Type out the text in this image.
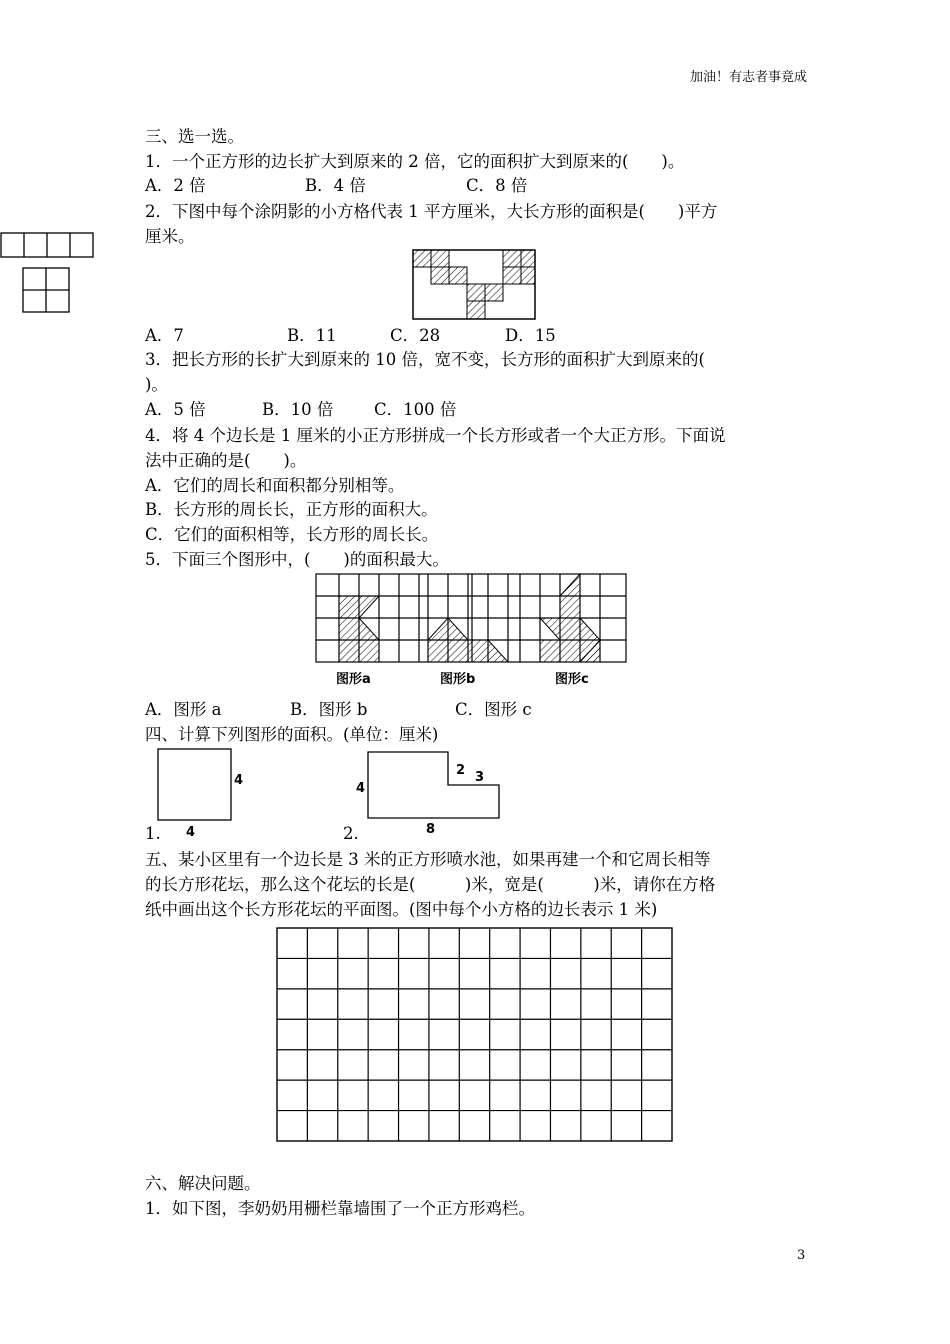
加油！有志者事竟成
3
三、选一选。
1．一个正方形的边长扩大到原来的 2 倍，它的面积扩大到原来的(　　)。
A．2 倍	B．4 倍	C．8 倍
2．下图中每个涂阴影的小方格代表 1 平方厘米，大长方形的面积是(　　)平方
厘米。
A．7	B．11	C．28	D．15
3．把长方形的长扩大到原来的 10 倍，宽不变，长方形的面积扩大到原来的(
)。
A．5 倍	B．10 倍 C．100 倍
4．将 4 个边长是 1 厘米的小正方形拼成一个长方形或者一个大正方形。下面说
法中正确的是(　　)。
A．它们的周长和面积都分别相等。
B．长方形的周长长，正方形的面积大。
C．它们的面积相等，长方形的周长长。
5．下面三个图形中，(　　)的面积最大。
图形a	图形b	图形c
A．图形 a	B．图形 b	C．图形 c
四、计算下列图形的面积。(单位：厘米)
4
1. 4
4
2 3
2.	8
五、某小区里有一个边长是 3 米的正方形喷水池，如果再建一个和它周长相等
的长方形花坛，那么这个花坛的长是(　　　)米，宽是(　　　)米，请你在方格
纸中画出这个长方形花坛的平面图。(图中每个小方格的边长表示 1 米)
六、解决问题。
1．如下图，李奶奶用栅栏靠墙围了一个正方形鸡栏。
